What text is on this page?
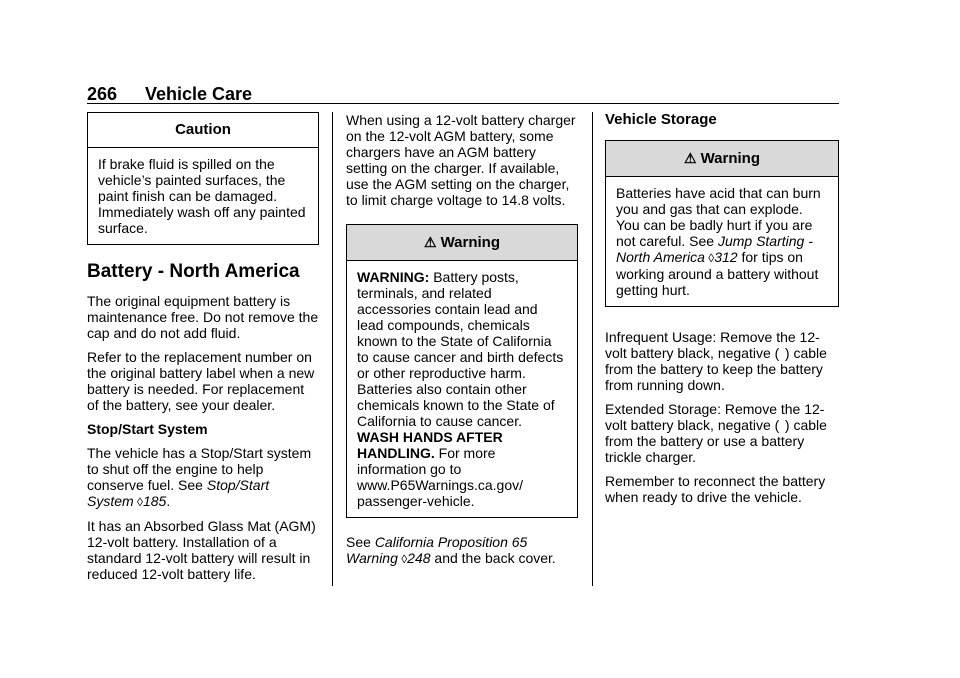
266 Vehicle Care
Caution

If brake fluid is spilled on the vehicle’s painted surfaces, the paint finish can be damaged. Immediately wash off any painted surface.

Battery - North America

The original equipment battery is maintenance free. Do not remove the cap and do not add fluid.

Refer to the replacement number on the original battery label when a new battery is needed. For replacement of the battery, see your dealer.

Stop/Start System

The vehicle has a Stop/Start system to shut off the engine to help conserve fuel. See Stop/Start System ◊185.

It has an Absorbed Glass Mat (AGM) 12-volt battery. Installation of a standard 12-volt battery will result in reduced 12-volt battery life.

When using a 12-volt battery charger on the 12-volt AGM battery, some chargers have an AGM battery setting on the charger. If available, use the AGM setting on the charger, to limit charge voltage to 14.8 volts.

⚠ Warning

WARNING: Battery posts, terminals, and related accessories contain lead and lead compounds, chemicals known to the State of California to cause cancer and birth defects or other reproductive harm. Batteries also contain other chemicals known to the State of California to cause cancer. WASH HANDS AFTER HANDLING. For more information go to www.P65Warnings.ca.gov/ passenger-vehicle.

See California Proposition 65 Warning ◊248 and the back cover.

Vehicle Storage
⚠ Warning

Batteries have acid that can burn you and gas that can explode. You can be badly hurt if you are not careful. See Jump Starting - North America ◊312 for tips on working around a battery without getting hurt.

Infrequent Usage: Remove the 12-volt battery black, negative (  ) cable from the battery to keep the battery from running down.

Extended Storage: Remove the 12-volt battery black, negative (  ) cable from the battery or use a battery trickle charger.

Remember to reconnect the battery when ready to drive the vehicle.
